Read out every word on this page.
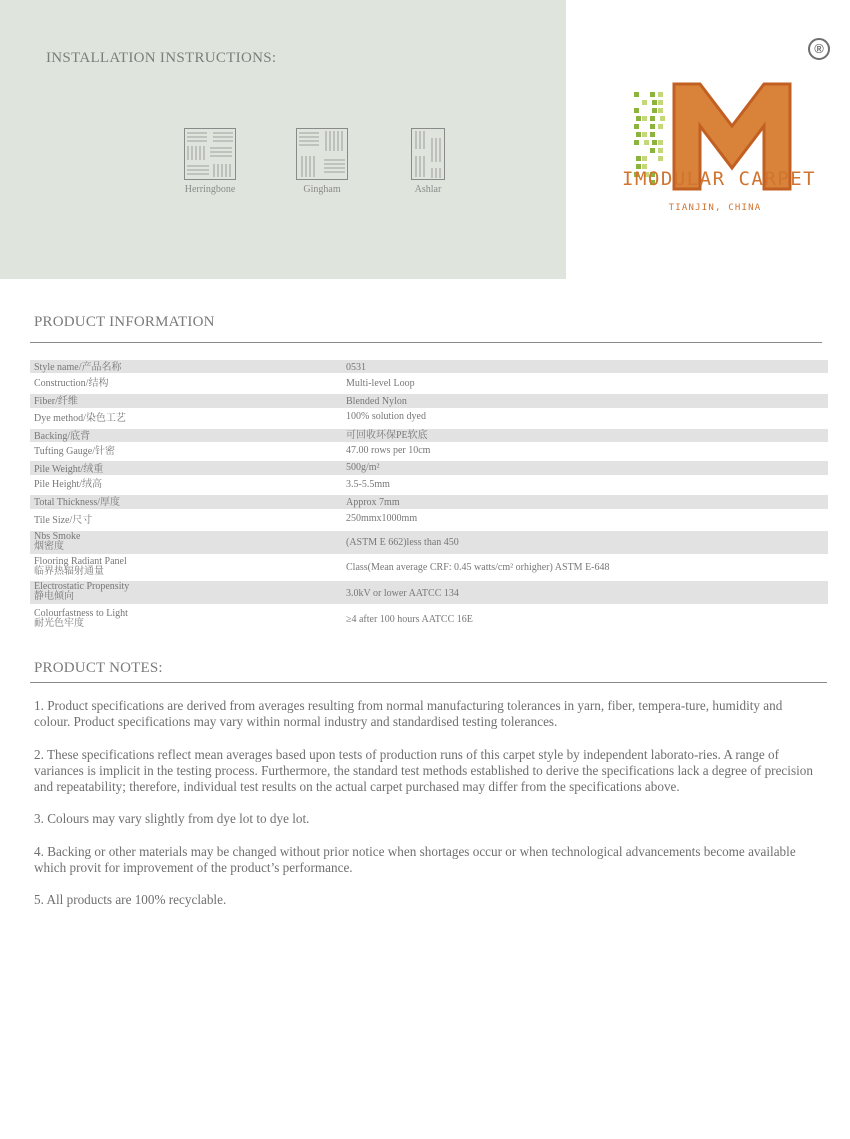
INSTALLATION INSTRUCTIONS:
Herringbone	Gingham	Ashlar
®
IMODULAR CARPET
TIANJIN, CHINA
PRODUCT INFORMATION
Style name/产品名称	0531
Construction/结构	Multi-level Loop
Fiber/纤维	Blended Nylon
Dye method/染色工艺	100% solution dyed
Backing/底背	可回收环保PE软底
Tufting Gauge/针密	47.00 rows per 10cm
Pile Weight/绒重	500g/m²
Pile Height/绒高	3.5-5.5mm
Total Thickness/厚度	Approx 7mm
Tile Size/尺寸	250mmx1000mm
Nbs Smoke
烟密度	(ASTM E 662)less than 450
Flooring Radiant Panel
临界热辐射通量	Class(Mean average CRF: 0.45 watts/cm² orhigher) ASTM E-648
Electrostatic Propensity
静电倾向	3.0kV or lower AATCC 134
Colourfastness to Light
耐光色牢度	≥4 after 100 hours AATCC 16E
PRODUCT NOTES:

1. Product specifications are derived from averages resulting from normal manufacturing tolerances in yarn, fiber, tempera-ture, humidity and colour. Product specifications may vary within normal industry and standardised testing tolerances.

2. These specifications reflect mean averages based upon tests of production runs of this carpet style by independent laborato-ries. A range of variances is implicit in the testing process. Furthermore, the standard test methods established to derive the specifications lack a degree of precision and repeatability; therefore, individual test results on the actual carpet purchased may differ from the specifications above.

3. Colours may vary slightly from dye lot to dye lot.

4. Backing or other materials may be changed without prior notice when shortages occur or when technological advancements become available which provit for improvement of the product’s performance.

5. All products are 100% recyclable.
